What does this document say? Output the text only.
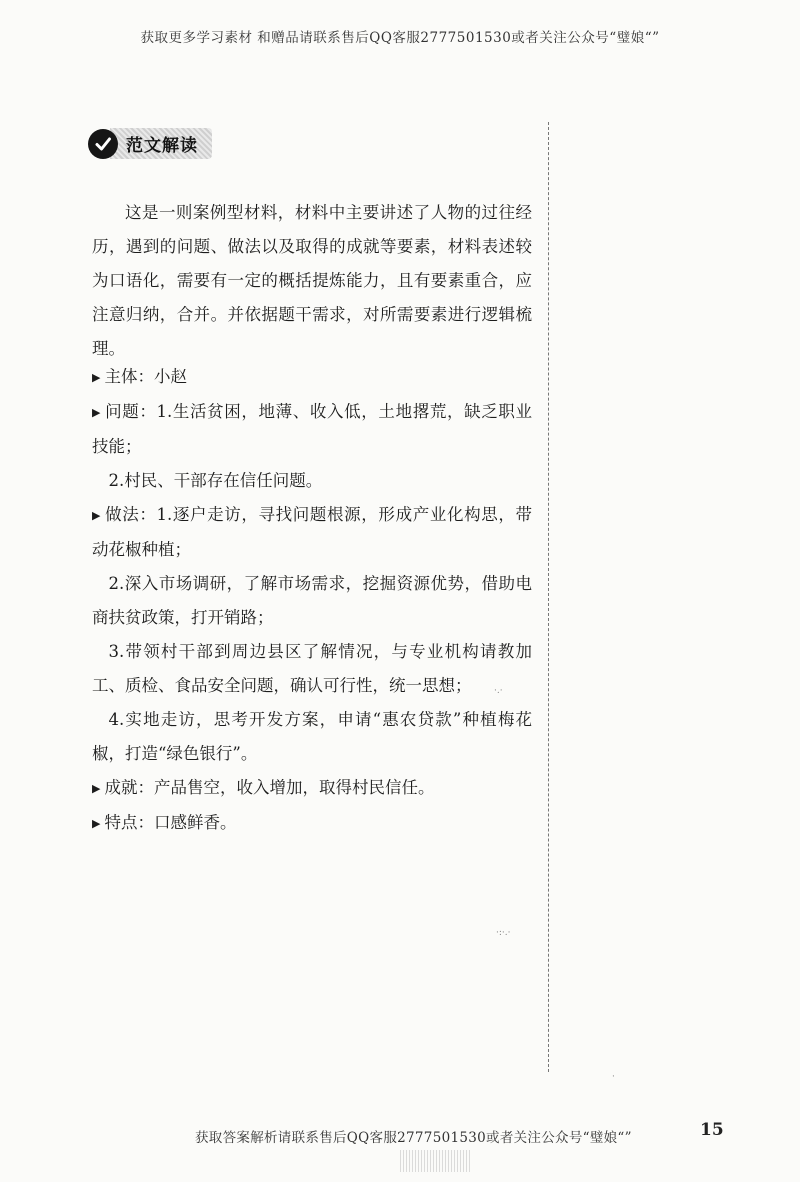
获取更多学习素材 和赠品请联系售后QQ客服2777501530或者关注公众号“璧娘“”
范文解读

这是一则案例型材料，材料中主要讲述了人物的过往经历，遇到的问题、做法以及取得的成就等要素，材料表述较为口语化，需要有一定的概括提炼能力，且有要素重合，应注意归纳，合并。并依据题干需求，对所需要素进行逻辑梳理。

▶ 主体：小赵

▶ 问题：1.生活贫困，地薄、收入低，土地撂荒，缺乏职业技能；

2.村民、干部存在信任问题。

▶ 做法：1.逐户走访，寻找问题根源，形成产业化构思，带动花椒种植；

2.深入市场调研，了解市场需求，挖掘资源优势，借助电商扶贫政策，打开销路；

3.带领村干部到周边县区了解情况，与专业机构请教加工、质检、食品安全问题，确认可行性，统一思想；

4.实地走访，思考开发方案，申请“惠农贷款”种植梅花椒，打造“绿色银行”。

▶ 成就：产品售空，收入增加，取得村民信任。

▶ 特点：口感鲜香。

·.·
·:·.·
·
获取答案解析请联系售后QQ客服2777501530或者关注公众号“璧娘“”	15
